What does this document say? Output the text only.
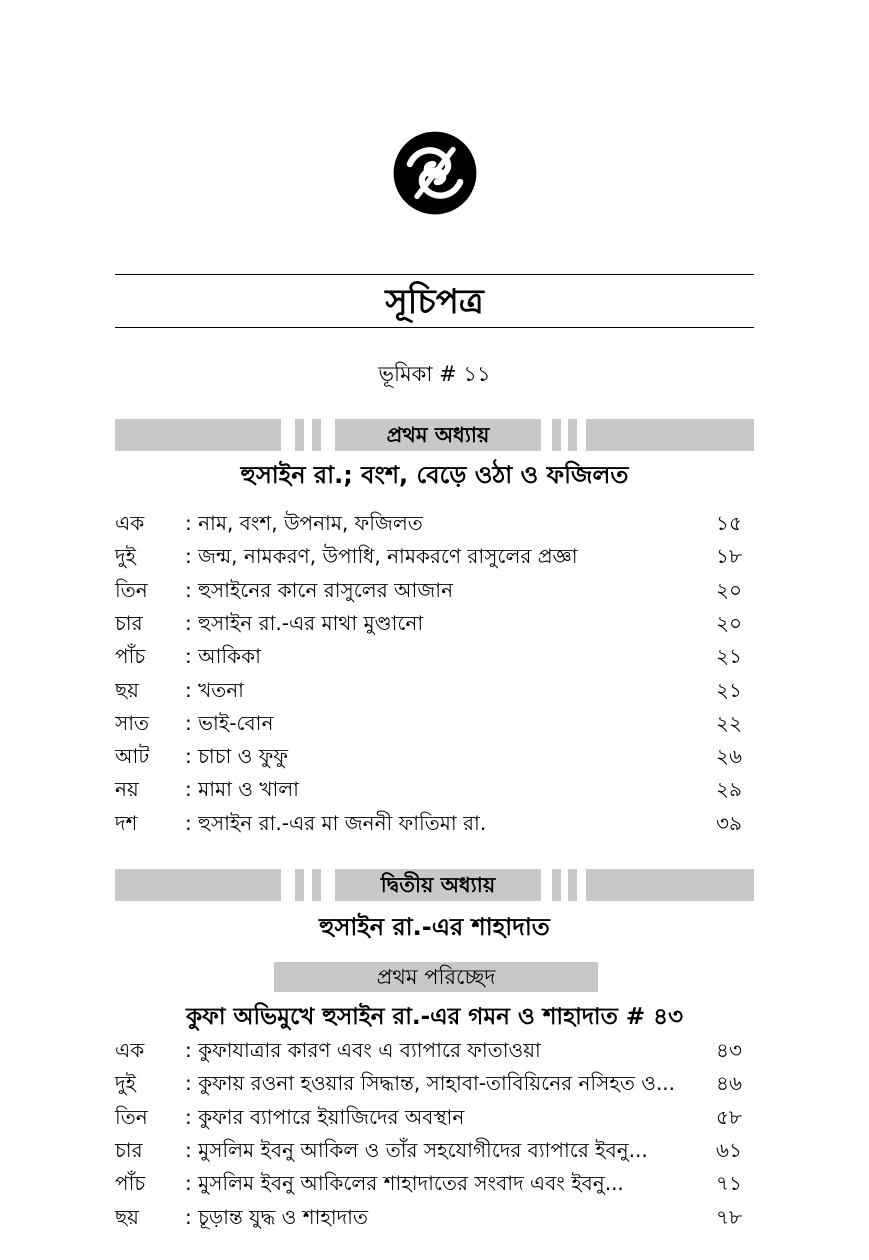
সূচিপত্র
ভূমিকা # ১১
প্রথম অধ্যায়
হুসাইন রা.; বংশ, বেড়ে ওঠা ও ফজিলত
এক	: নাম, বংশ, উপনাম, ফজিলত	১৫
দুই	: জন্ম, নামকরণ, উপাধি, নামকরণে রাসুলের প্রজ্ঞা	১৮
তিন	: হুসাইনের কানে রাসুলের আজান	২০
চার	: হুসাইন রা.-এর মাথা মুণ্ডানো	২০
পাঁচ	: আকিকা	২১
ছয়	: খতনা	২১
সাত	: ভাই-বোন	২২
আট	: চাচা ও ফুফু	২৬
নয়	: মামা ও খালা	২৯
দশ	: হুসাইন রা.-এর মা জননী ফাতিমা রা.	৩৯
দ্বিতীয় অধ্যায়
হুসাইন রা.-এর শাহাদাত
প্রথম পরিচ্ছেদ
কুফা অভিমুখে হুসাইন রা.-এর গমন ও শাহাদাত # ৪৩
এক	: কুফাযাত্রার কারণ এবং এ ব্যাপারে ফাতাওয়া	৪৩
দুই	: কুফায় রওনা হওয়ার সিদ্ধান্ত, সাহাবা-তাবিয়িনের নসিহত ও...	৪৬
তিন	: কুফার ব্যাপারে ইয়াজিদের অবস্থান	৫৮
চার	: মুসলিম ইবনু আকিল ও তাঁর সহযোগীদের ব্যাপারে ইবনু...	৬১
পাঁচ	: মুসলিম ইবনু আকিলের শাহাদাতের সংবাদ এবং ইবনু...	৭১
ছয়	: চূড়ান্ত যুদ্ধ ও শাহাদাত	৭৮
